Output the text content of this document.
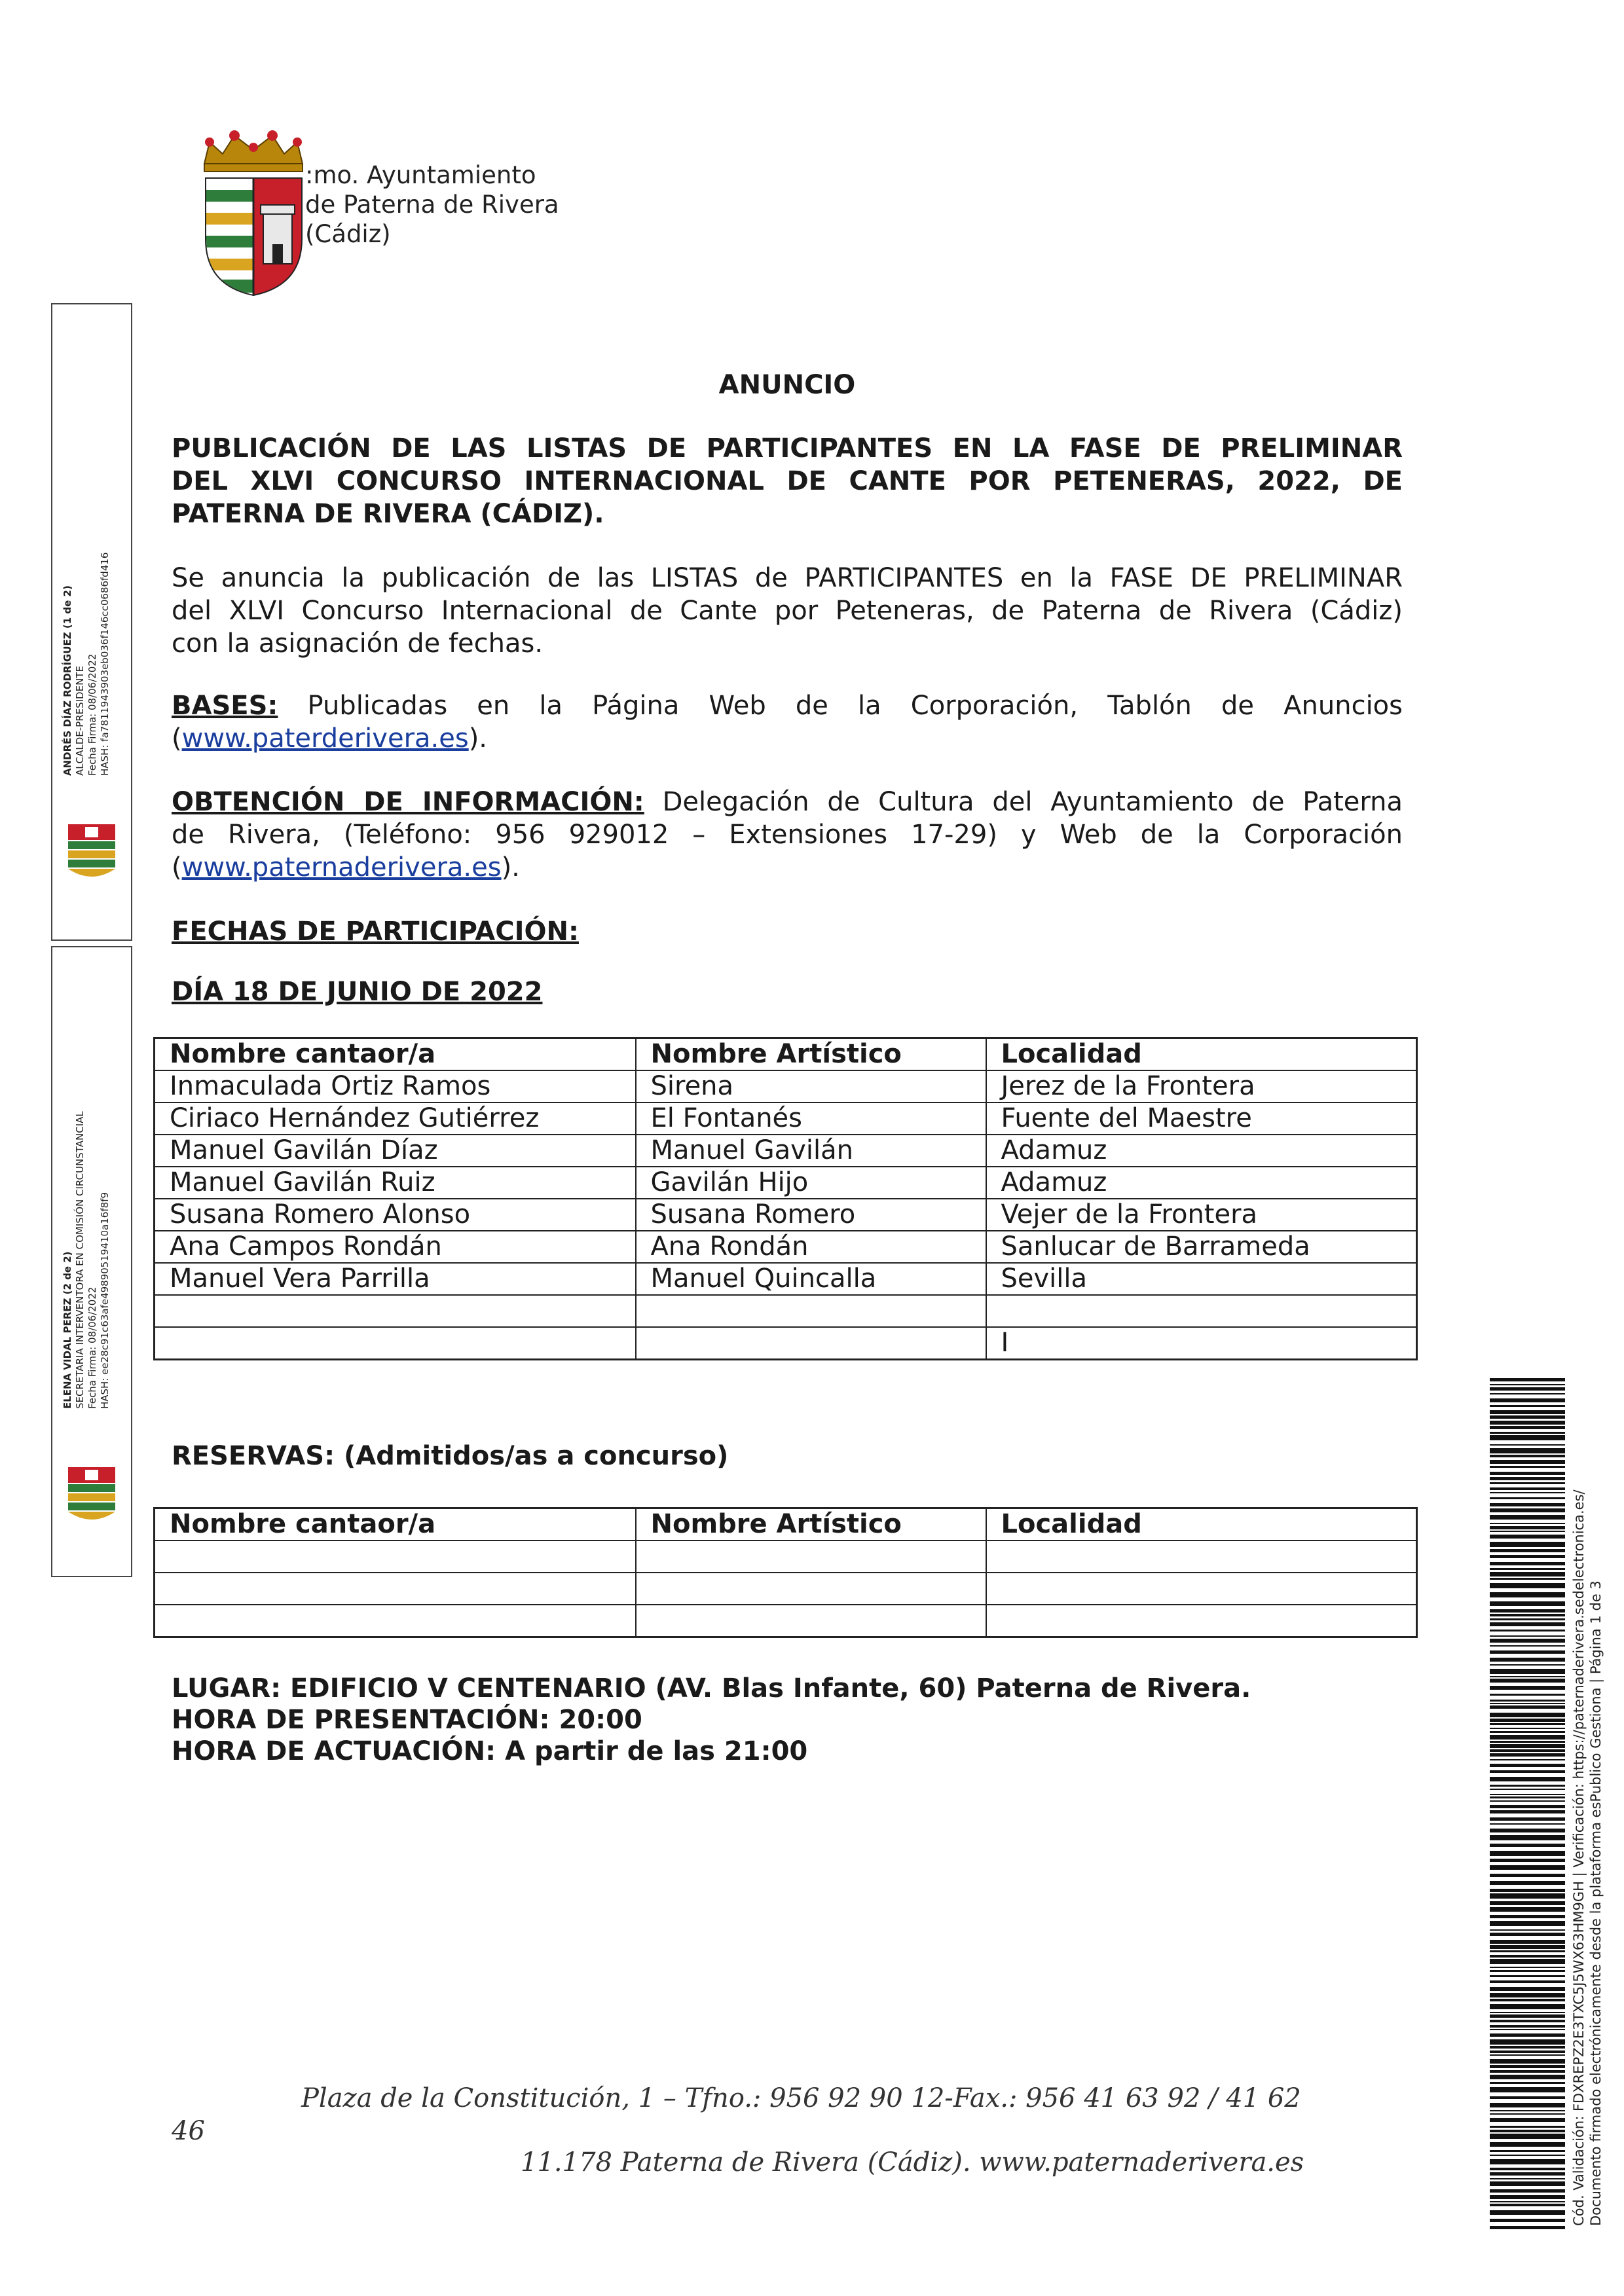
:mo. Ayuntamiento
de Paterna de Rivera
(Cádiz)
ANDRÉS DÍAZ RODRÍGUEZ (1 de 2) ALCALDE-PRESIDENTE Fecha Firma: 08/06/2022 HASH: fa7811943903eb036f146cc0686fd416
ELENA VIDAL PEREZ (2 de 2) SECRETARIA INTERVENTORA EN COMISIÓN CIRCUNSTANCIAL Fecha Firma: 08/06/2022 HASH: ee28c91c63afe49890519410a16f8f9
ANUNCIO
PUBLICACIÓN DE LAS LISTAS DE PARTICIPANTES EN LA FASE DE PRELIMINAR
DEL XLVI CONCURSO INTERNACIONAL DE CANTE POR PETENERAS, 2022, DE
PATERNA DE RIVERA (CÁDIZ).
Se anuncia la publicación de las LISTAS de PARTICIPANTES en la FASE DE PRELIMINAR
del XLVI Concurso Internacional de Cante por Peteneras, de Paterna de Rivera (Cádiz)
con la asignación de fechas.
BASES: Publicadas en la Página Web de la Corporación, Tablón de Anuncios
(www.paterderivera.es).
OBTENCIÓN DE INFORMACIÓN: Delegación de Cultura del Ayuntamiento de Paterna
de Rivera, (Teléfono: 956 929012 – Extensiones 17-29) y Web de la Corporación
(www.paternaderivera.es).
FECHAS DE PARTICIPACIÓN:
DÍA 18 DE JUNIO DE 2022
Nombre cantaor/a	Nombre Artístico	Localidad
Inmaculada Ortiz Ramos	Sirena	Jerez de la Frontera
Ciriaco Hernández Gutiérrez	El Fontanés	Fuente del Maestre
Manuel Gavilán Díaz	Manuel Gavilán	Adamuz
Manuel Gavilán Ruiz	Gavilán Hijo	Adamuz
Susana Romero Alonso	Susana Romero	Vejer de la Frontera
Ana Campos Rondán	Ana Rondán	Sanlucar de Barrameda
Manuel Vera Parrilla	Manuel Quincalla	Sevilla

		I
RESERVAS: (Admitidos/as a concurso)
Nombre cantaor/a	Nombre Artístico	Localidad

LUGAR: EDIFICIO V CENTENARIO (AV. Blas Infante, 60) Paterna de Rivera.
HORA DE PRESENTACIÓN: 20:00
HORA DE ACTUACIÓN: A partir de las 21:00
Plaza de la Constitución, 1 – Tfno.: 956 92 90 12-Fax.: 956 41 63 92 / 41 62
46
11.178 Paterna de Rivera (Cádiz). www.paternaderivera.es	Cód. Validación: FDXREPZ2E3TXC5J5WX63HM9GH | Verificación: https://paternaderivera.sedelectronica.es/ Documento firmado electrónicamente desde la plataforma esPublico Gestiona | Página 1 de 3
